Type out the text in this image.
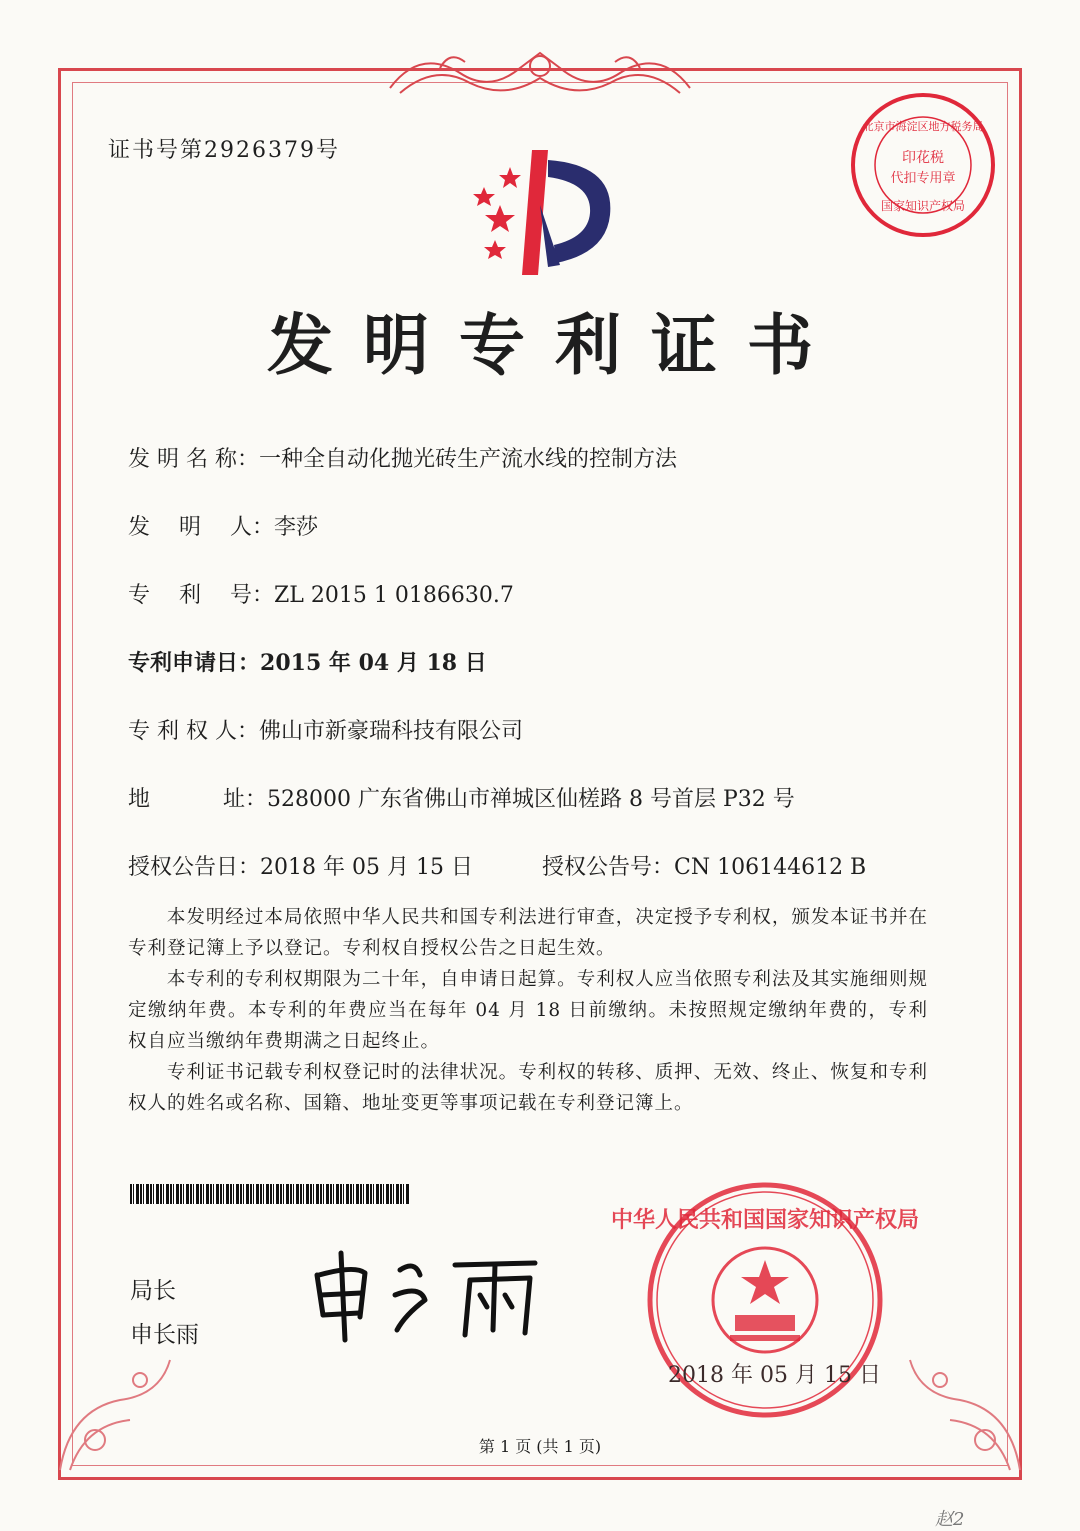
证书号第2926379号
北京市海淀区地方税务局
印花税
代扣专用章
国家知识产权局
发明专利证书
发 明 名 称：一种全自动化抛光砖生产流水线的控制方法
发　 明　 人：李莎
专　 利　 号：ZL 2015 1 0186630.7
专利申请日：2015 年 04 月 18 日
专 利 权 人：佛山市新豪瑞科技有限公司
地　　　 址：528000 广东省佛山市禅城区仙槎路 8 号首层 P32 号
授权公告日：2018 年 05 月 15 日	授权公告号：CN 106144612 B

本发明经过本局依照中华人民共和国专利法进行审查，决定授予专利权，颁发本证书并在专利登记簿上予以登记。专利权自授权公告之日起生效。

本专利的专利权期限为二十年，自申请日起算。专利权人应当依照专利法及其实施细则规定缴纳年费。本专利的年费应当在每年 04 月 18 日前缴纳。未按照规定缴纳年费的，专利权自应当缴纳年费期满之日起终止。

专利证书记载专利权登记时的法律状况。专利权的转移、质押、无效、终止、恢复和专利权人的姓名或名称、国籍、地址变更等事项记载在专利登记簿上。

局长
申长雨
中华人民共和国国家知识产权局
2018 年 05 月 15 日
第 1 页 (共 1 页)
赵2
